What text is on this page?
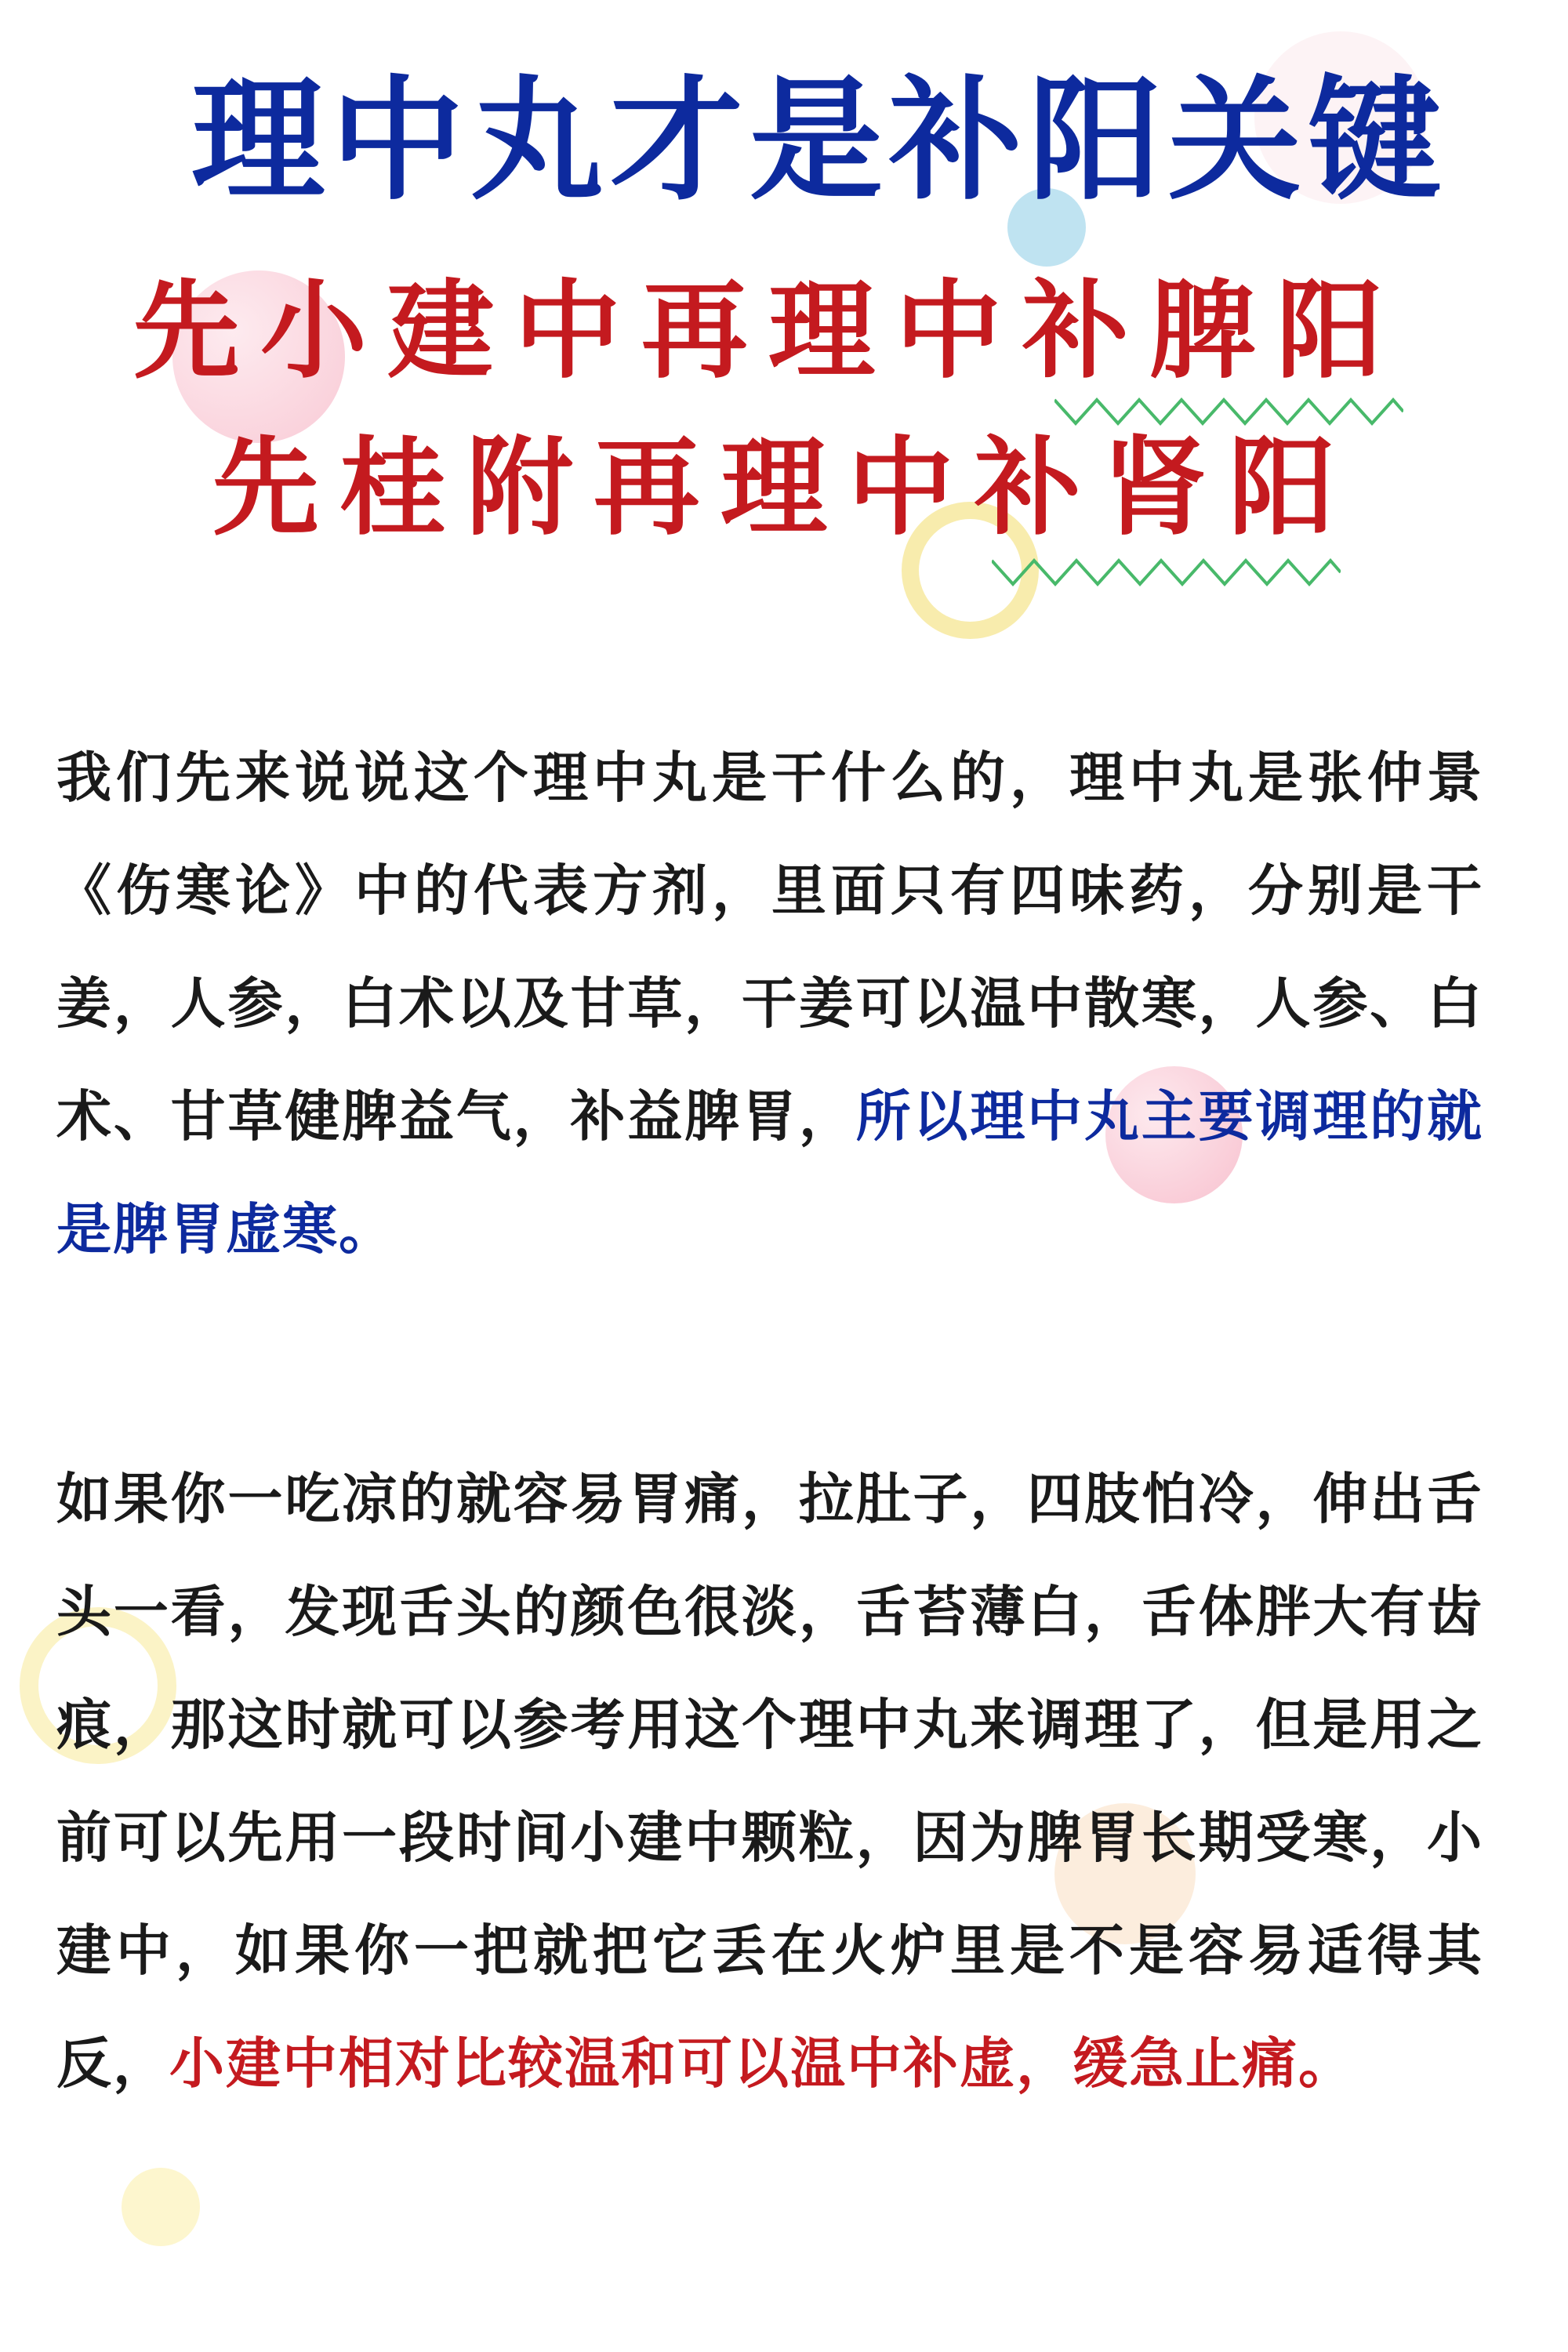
理中丸才是补阳关键
先小建中再理中补脾阳
先桂附再理中补肾阳
我们先来说说这个理中丸是干什么的，理中丸是张仲景《伤寒论》中的代表方剂，里面只有四味药，分别是干姜，人参，白术以及甘草，干姜可以温中散寒，人参、白术、甘草健脾益气，补益脾胃，所以理中丸主要调理的就是脾胃虚寒。
如果你一吃凉的就容易胃痛，拉肚子，四肢怕冷，伸出舌头一看，发现舌头的颜色很淡，舌苔薄白，舌体胖大有齿痕，那这时就可以参考用这个理中丸来调理了，但是用之前可以先用一段时间小建中颗粒，因为脾胃长期受寒，小建中，如果你一把就把它丢在火炉里是不是容易适得其反，小建中相对比较温和可以温中补虚，缓急止痛。
